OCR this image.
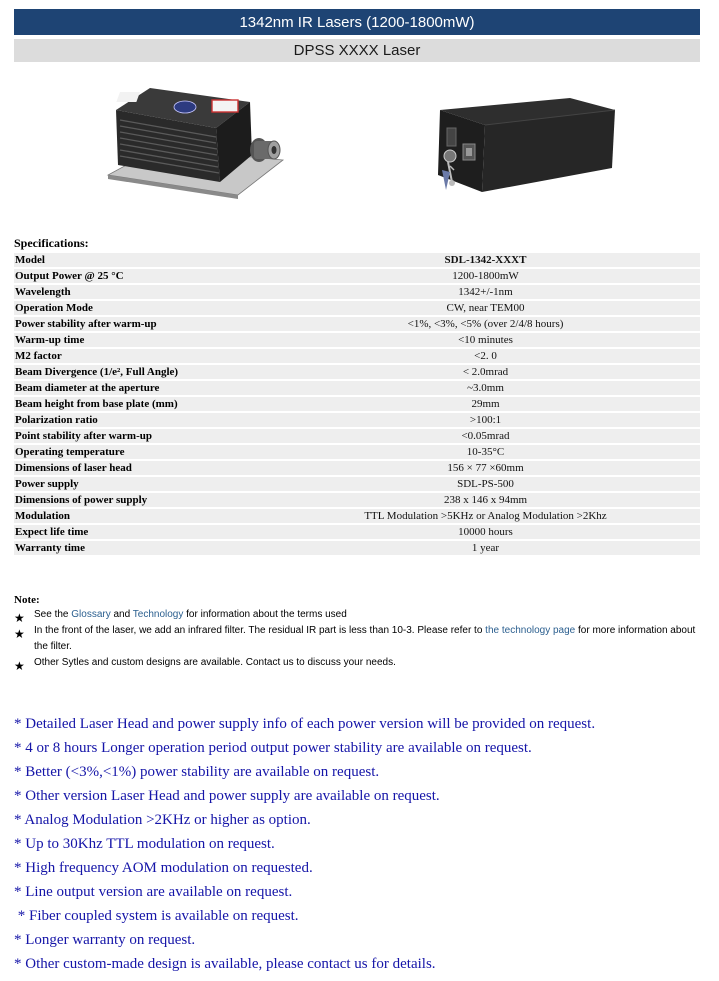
1342nm IR Lasers (1200-1800mW)
DPSS XXXX Laser
Specifications:
Model	SDL-1342-XXXT
Output Power @ 25 °C	1200-1800mW
Wavelength	1342+/-1nm
Operation Mode	CW, near TEM00
Power stability after warm-up	<1%, <3%, <5% (over 2/4/8 hours)
Warm-up time	<10 minutes
M2 factor	<2. 0
Beam Divergence (1/e², Full Angle)	< 2.0mrad
Beam diameter at the aperture	~3.0mm
Beam height from base plate (mm)	29mm
Polarization ratio	>100:1
Point stability after warm-up	<0.05mrad
Operating temperature	10-35°C
Dimensions of laser head	156 × 77 ×60mm
Power supply	SDL-PS-500
Dimensions of power supply	238 x 146 x 94mm
Modulation	TTL Modulation >5KHz or Analog Modulation >2Khz
Expect life time	10000 hours
Warranty time	1 year
Note:
★ See the Glossary and Technology for information about the terms used
★ In the front of the laser, we add an infrared filter. The residual IR part is less than 10-3. Please refer to the technology page for more information about the filter.
★ Other Sytles and custom designs are available. Contact us to discuss your needs.
* Detailed Laser Head and power supply info of each power version will be provided on request.
* 4 or 8 hours Longer operation period output power stability are available on request.
* Better (<3%,<1%) power stability are available on request.
* Other version Laser Head and power supply are available on request.
* Analog Modulation >2KHz or higher as option.
* Up to 30Khz TTL modulation on request.
* High frequency AOM modulation on requested.
* Line output version are available on request.
* Fiber coupled system is available on request.
* Longer warranty on request.
* Other custom-made design is available, please contact us for details.
